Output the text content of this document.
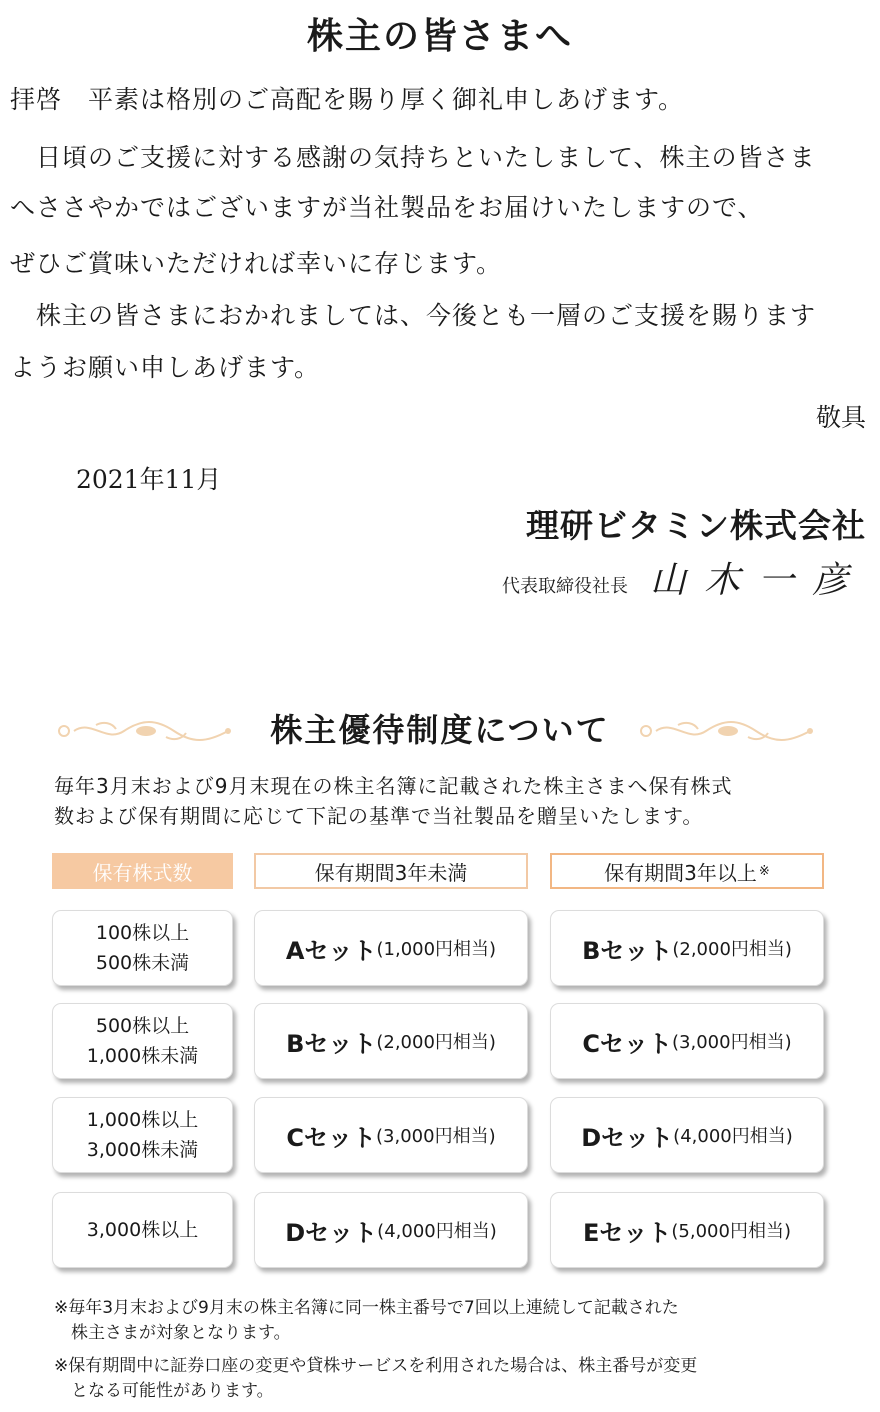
株主の皆さまへ
拝啓　平素は格別のご高配を賜り厚く御礼申しあげます。
日頃のご支援に対する感謝の気持ちといたしまして、株主の皆さま
へささやかではございますが当社製品をお届けいたしますので、
ぜひご賞味いただければ幸いに存じます。
株主の皆さまにおかれましては、今後とも一層のご支援を賜ります
ようお願い申しあげます。
敬具
2021年11月
理研ビタミン株式会社
代表取締役社長 山木一彦
株主優待制度について
毎年3月末および9月末現在の株主名簿に記載された株主さまへ保有株式
数および保有期間に応じて下記の基準で当社製品を贈呈いたします。
保有株式数	保有期間3年未満	保有期間3年以上 ※
100株以上
500株未満	Aセット (1,000円相当)	Bセット (2,000円相当)
500株以上
1,000株未満	Bセット (2,000円相当)	Cセット (3,000円相当)
1,000株以上
3,000株未満	Cセット (3,000円相当)	Dセット (4,000円相当)
3,000株以上	Dセット (4,000円相当)	Eセット (5,000円相当)
※毎年3月末および9月末の株主名簿に同一株主番号で7回以上連続して記載された
　株主さまが対象となります。
※保有期間中に証券口座の変更や貸株サービスを利用された場合は、株主番号が変更
　となる可能性があります。
